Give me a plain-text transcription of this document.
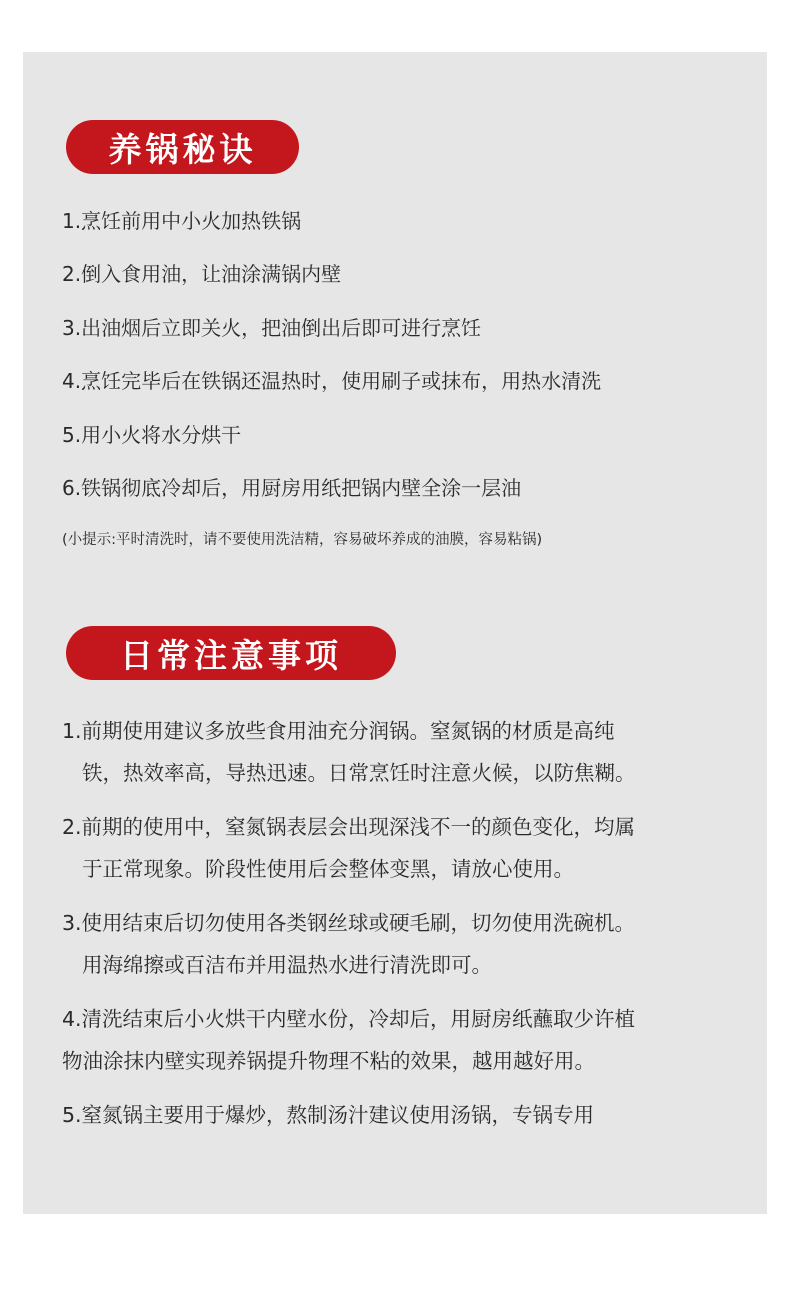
养锅秘诀
1.烹饪前用中小火加热铁锅
2.倒入食用油，让油涂满锅内壁
3.出油烟后立即关火，把油倒出后即可进行烹饪
4.烹饪完毕后在铁锅还温热时，使用刷子或抹布，用热水清洗
5.用小火将水分烘干
6.铁锅彻底冷却后，用厨房用纸把锅内壁全涂一层油
(小提示:平时清洗时，请不要使用洗洁精，容易破坏养成的油膜，容易粘锅)
日常注意事项
1.前期使用建议多放些食用油充分润锅。窒氮锅的材质是高纯
铁，热效率高，导热迅速。日常烹饪时注意火候，以防焦糊。
2.前期的使用中，窒氮锅表层会出现深浅不一的颜色变化，均属
于正常现象。阶段性使用后会整体变黑，请放心使用。
3.使用结束后切勿使用各类钢丝球或硬毛刷，切勿使用洗碗机。
用海绵擦或百洁布并用温热水进行清洗即可。
4.清洗结束后小火烘干内壁水份，冷却后，用厨房纸蘸取少许植
物油涂抹内壁实现养锅提升物理不粘的效果，越用越好用。
5.窒氮锅主要用于爆炒，熬制汤汁建议使用汤锅，专锅专用
